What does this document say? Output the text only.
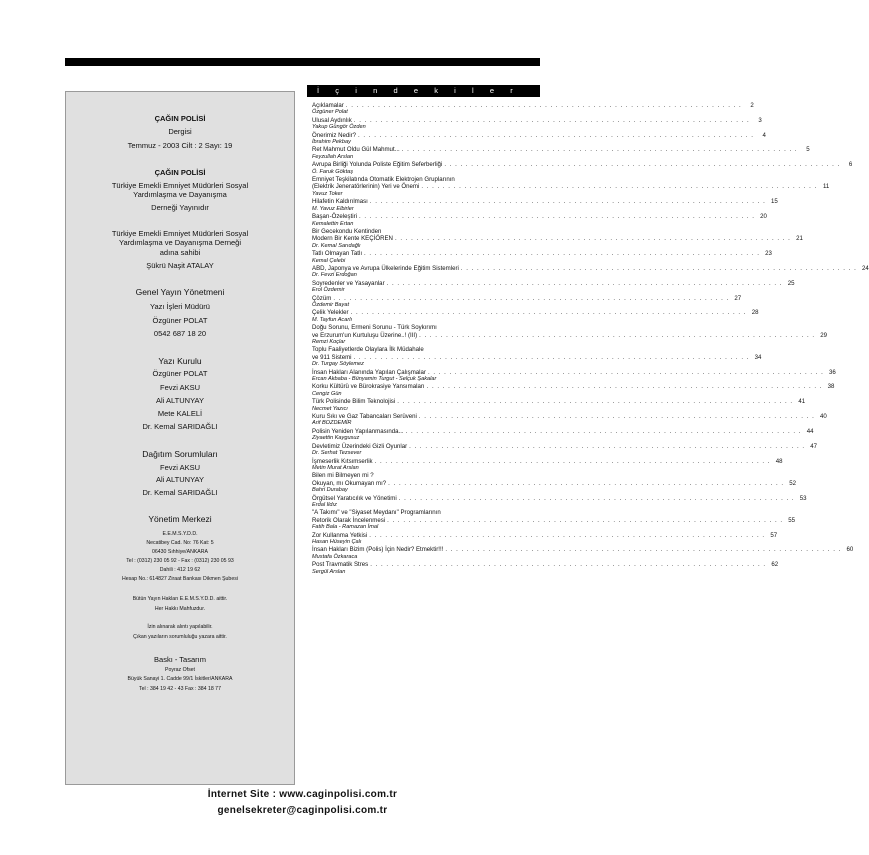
ÇAĞIN POLİSİ
Dergisi
Temmuz - 2003 Cilt : 2 Sayı: 19
ÇAĞIN POLİSİ
Türkiye Emekli Emniyet Müdürleri Sosyal
Yardımlaşma ve Dayanışma
Derneği Yayınıdır
Türkiye Emekli Emniyet Müdürleri Sosyal
Yardımlaşma ve Dayanışma Derneği
adına sahibi
Şükrü Naşit ATALAY
Genel Yayın Yönetmeni
Yazı İşleri Müdürü
Özgüner POLAT
0542 687 18 20
Yazı Kurulu
Özgüner POLAT
Fevzi AKSU
Ali ALTUNYAY
Mete KALELİ
Dr. Kemal SARIDAĞLI
Dağıtım Sorumluları
Fevzi AKSU
Ali ALTUNYAY
Dr. Kemal SARIDAĞLI
Yönetim Merkezi
E.E.M.S.Y.D.D.
Necatibey Cad. No: 76 Kat: 5
06430 Sıhhiye/ANKARA
Tel : (0312) 230 05 92 - Fax : (0312) 230 05 93
Dahili : 412 19 62
Hesap No.: 614827 Ziraat Bankası Dikmen Şubesi
Bütün Yayın Hakları E.E.M.S.Y.D.D. aittir.
Her Hakkı Mahfuzdur.
İzin alınarak alıntı yapılabilir.
Çıkan yazıların sorumluluğu yazara aittir.
Baskı - Tasarım
Poyraz Ofset
Büyük Sanayi 1. Cadde 99/1 İskitler/ANKARA
Tel : 384 19 42 - 43 Fax : 384 18 77
İçindekiler
Açıklamalar . . . . . . . . . . . . . . . . . . . . . . . . . . . . . . . . . . . . . . . . . . . . . . . . . . . . . . . . . . . . . . . . . . . . . . . . . .	2
Özgüner Polat
Ulusal Aydınlık . . . . . . . . . . . . . . . . . . . . . . . . . . . . . . . . . . . . . . . . . . . . . . . . . . . . . . . . . . . . . . . . . . . . . . . . . .	3
Yakup Güngör Özden
Önerimiz Nedir? . . . . . . . . . . . . . . . . . . . . . . . . . . . . . . . . . . . . . . . . . . . . . . . . . . . . . . . . . . . . . . . . . . . . . . . . . .	4
İbrahim Pekbay
Ret Mahmut Oldu Gül Mahmut... . . . . . . . . . . . . . . . . . . . . . . . . . . . . . . . . . . . . . . . . . . . . . . . . . . . . . . . . . . . . . . . . . . . . . . . . . .	5
Feyzullah Arslan
Avrupa Birliği Yolunda Poliste Eğitim Seferberliği . . . . . . . . . . . . . . . . . . . . . . . . . . . . . . . . . . . . . . . . . . . . . . . . . . . . . . . . . . . . . . . . . . . . . . . . . .	6
Ö. Faruk Göktaş
Emniyet Teşkilatında Otomatik Elektrojen Gruplarının
(Elektrik Jeneratörlerinin) Yeri ve Önemi . . . . . . . . . . . . . . . . . . . . . . . . . . . . . . . . . . . . . . . . . . . . . . . . . . . . . . . . . . . . . . . . . . . . . . . . . . 11
Yavuz Toker
Hilafetin Kaldırılması . . . . . . . . . . . . . . . . . . . . . . . . . . . . . . . . . . . . . . . . . . . . . . . . . . . . . . . . . . . . . . . . . . . . . . . . . . 15
M. Yavuz Elbirler
Başarı-Özeleştiri . . . . . . . . . . . . . . . . . . . . . . . . . . . . . . . . . . . . . . . . . . . . . . . . . . . . . . . . . . . . . . . . . . . . . . . . . . 20
Kemalettin Ertan
Bir Gecekondu Kentinden
Modern Bir Kente KEÇİÖREN . . . . . . . . . . . . . . . . . . . . . . . . . . . . . . . . . . . . . . . . . . . . . . . . . . . . . . . . . . . . . . . . . . . . . . . . . . 21
Dr. Kemal Sarıdağlı
Tatlı Olmayan Tatlı . . . . . . . . . . . . . . . . . . . . . . . . . . . . . . . . . . . . . . . . . . . . . . . . . . . . . . . . . . . . . . . . . . . . . . . . . . 23
Kemal Çelebi
ABD, Japonya ve Avrupa Ülkelerinde Eğitim Sistemleri . . . . . . . . . . . . . . . . . . . . . . . . . . . . . . . . . . . . . . . . . . . . . . . . . . . . . . . . . . . . . . . . . . . . . . . . . . 24
Dr. Fevzi Erdoğan
Soyredenler ve Yasayanlar . . . . . . . . . . . . . . . . . . . . . . . . . . . . . . . . . . . . . . . . . . . . . . . . . . . . . . . . . . . . . . . . . . . . . . . . . . 25
Erol Özdemir
Çözüm . . . . . . . . . . . . . . . . . . . . . . . . . . . . . . . . . . . . . . . . . . . . . . . . . . . . . . . . . . . . . . . . . . . . . . . . . . 27
Özdemir Bayat
Çelik Yelekler . . . . . . . . . . . . . . . . . . . . . . . . . . . . . . . . . . . . . . . . . . . . . . . . . . . . . . . . . . . . . . . . . . . . . . . . . . 28
M. Tayfun Acarlı
Doğu Sorunu, Ermeni Sorunu - Türk Soykırımı
ve Erzurum'un Kurtuluşu Üzerine..! (III) . . . . . . . . . . . . . . . . . . . . . . . . . . . . . . . . . . . . . . . . . . . . . . . . . . . . . . . . . . . . . . . . . . . . . . . . . . 29
Remzi Koçlar
Toplu Faaliyetlerde Olaylara İlk Müdahale
ve 911 Sistemi . . . . . . . . . . . . . . . . . . . . . . . . . . . . . . . . . . . . . . . . . . . . . . . . . . . . . . . . . . . . . . . . . . . . . . . . . . 34
Dr. Turgay Söylemez
İnsan Hakları Alanında Yapılan Çalışmalar . . . . . . . . . . . . . . . . . . . . . . . . . . . . . . . . . . . . . . . . . . . . . . . . . . . . . . . . . . . . . . . . . . . . . . . . . . 36
Ercan Akbaba - Bünyamin Turgut - Selçuk Şakalar
Korku Kültürü ve Bürokrasiye Yansımaları . . . . . . . . . . . . . . . . . . . . . . . . . . . . . . . . . . . . . . . . . . . . . . . . . . . . . . . . . . . . . . . . . . . . . . . . . . 38
Cengiz Gün
Türk Polisinde Bilim Teknolojisi . . . . . . . . . . . . . . . . . . . . . . . . . . . . . . . . . . . . . . . . . . . . . . . . . . . . . . . . . . . . . . . . . . . . . . . . . . 41
Necmet Yazıcı
Kuru Sıkı ve Gaz Tabancaları Serüveni . . . . . . . . . . . . . . . . . . . . . . . . . . . . . . . . . . . . . . . . . . . . . . . . . . . . . . . . . . . . . . . . . . . . . . . . . . 40
Arif BOZDEMİR
Polisin Yeniden Yapılanmasında... . . . . . . . . . . . . . . . . . . . . . . . . . . . . . . . . . . . . . . . . . . . . . . . . . . . . . . . . . . . . . . . . . . . . . . . . . . 44
Ziyaettin Kaygusuz
Devletimiz Üzerindeki Gizli Oyunlar . . . . . . . . . . . . . . . . . . . . . . . . . . . . . . . . . . . . . . . . . . . . . . . . . . . . . . . . . . . . . . . . . . . . . . . . . . 47
Dr. Serhat Tezsever
İşmeserlik Kıtsımserlik . . . . . . . . . . . . . . . . . . . . . . . . . . . . . . . . . . . . . . . . . . . . . . . . . . . . . . . . . . . . . . . . . . . . . . . . . . 48
Metin Murat Arslan
Bilen mi Bilmeyen mi ?
Okuyan, mı Okumayan mı? . . . . . . . . . . . . . . . . . . . . . . . . . . . . . . . . . . . . . . . . . . . . . . . . . . . . . . . . . . . . . . . . . . . . . . . . . . 52
Bahri Durabay
Örgütsel Yaratıcılık ve Yönetimi . . . . . . . . . . . . . . . . . . . . . . . . . . . . . . . . . . . . . . . . . . . . . . . . . . . . . . . . . . . . . . . . . . . . . . . . . . 53
Erdal Ildız
"A Takımı" ve "Siyaset Meydanı" Programlarının
Retorik Olarak İncelenmesi . . . . . . . . . . . . . . . . . . . . . . . . . . . . . . . . . . . . . . . . . . . . . . . . . . . . . . . . . . . . . . . . . . . . . . . . . . 55
Fatih Bala - Ramazan İmal
Zor Kullanma Yetkisi . . . . . . . . . . . . . . . . . . . . . . . . . . . . . . . . . . . . . . . . . . . . . . . . . . . . . . . . . . . . . . . . . . . . . . . . . . 57
Hasan Hüseyin Çalı
İnsan Hakları Bizim (Polis) İçin Nedir? Etmektir!!! . . . . . . . . . . . . . . . . . . . . . . . . . . . . . . . . . . . . . . . . . . . . . . . . . . . . . . . . . . . . . . . . . . . . . . . . . . 60
Mustafa Özkaraca
Post Travmatik Stres . . . . . . . . . . . . . . . . . . . . . . . . . . . . . . . . . . . . . . . . . . . . . . . . . . . . . . . . . . . . . . . . . . . . . . . . . . 62
Sergül Arslan
İnternet Site : www.caginpolisi.com.tr
genelsekreter@caginpolisi.com.tr
